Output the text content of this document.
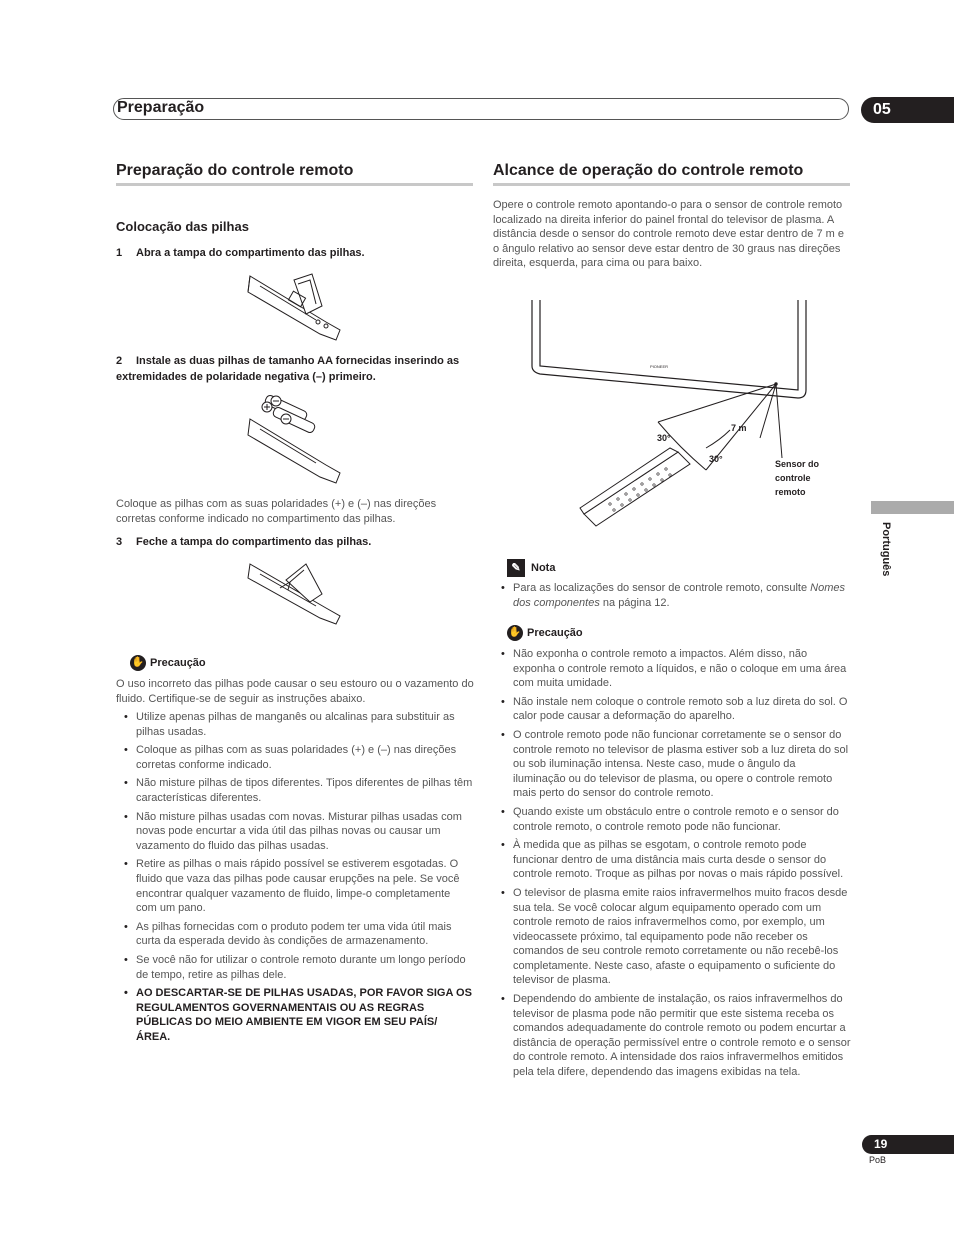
Preparação	05
Preparação do controle remoto
Colocação das pilhas
1 Abra a tampa do compartimento das pilhas.
2 Instale as duas pilhas de tamanho AA fornecidas inserindo as extremidades de polaridade negativa (–) primeiro.
Coloque as pilhas com as suas polaridades (+) e (–) nas direções corretas conforme indicado no compartimento das pilhas.
3 Feche a tampa do compartimento das pilhas.
✋ Precaução
O uso incorreto das pilhas pode causar o seu estouro ou o vazamento do fluido. Certifique-se de seguir as instruções abaixo.
• Utilize apenas pilhas de manganês ou alcalinas para substituir as pilhas usadas.
• Coloque as pilhas com as suas polaridades (+) e (–) nas direções corretas conforme indicado.
• Não misture pilhas de tipos diferentes. Tipos diferentes de pilhas têm características diferentes.
• Não misture pilhas usadas com novas. Misturar pilhas usadas com novas pode encurtar a vida útil das pilhas novas ou causar um vazamento do fluido das pilhas usadas.
• Retire as pilhas o mais rápido possível se estiverem esgotadas. O fluido que vaza das pilhas pode causar erupções na pele. Se você encontrar qualquer vazamento de fluido, limpe-o completamente com um pano.
• As pilhas fornecidas com o produto podem ter uma vida útil mais curta da esperada devido às condições de armazenamento.
• Se você não for utilizar o controle remoto durante um longo período de tempo, retire as pilhas dele.
• AO DESCARTAR-SE DE PILHAS USADAS, POR FAVOR SIGA OS REGULAMENTOS GOVERNAMENTAIS OU AS REGRAS PÚBLICAS DO MEIO AMBIENTE EM VIGOR EM SEU PAÍS/ ÁREA.
Alcance de operação do controle remoto
Opere o controle remoto apontando-o para o sensor de controle remoto localizado na direita inferior do painel frontal do televisor de plasma. A distância desde o sensor do controle remoto deve estar dentro de 7 m e o ângulo relativo ao sensor deve estar dentro de 30 graus nas direções direita, esquerda, para cima ou para baixo.
PIONEER
7 m
30°
30°	Sensor do
controle
remoto
✎ Nota
• Para as localizações do sensor de controle remoto, consulte Nomes dos componentes na página 12.
✋ Precaução
• Não exponha o controle remoto a impactos. Além disso, não exponha o controle remoto a líquidos, e não o coloque em uma área com muita umidade.
• Não instale nem coloque o controle remoto sob a luz direta do sol. O calor pode causar a deformação do aparelho.
• O controle remoto pode não funcionar corretamente se o sensor do controle remoto no televisor de plasma estiver sob a luz direta do sol ou sob iluminação intensa. Neste caso, mude o ângulo da iluminação ou do televisor de plasma, ou opere o controle remoto mais perto do sensor do controle remoto.
• Quando existe um obstáculo entre o controle remoto e o sensor do controle remoto, o controle remoto pode não funcionar.
• À medida que as pilhas se esgotam, o controle remoto pode funcionar dentro de uma distância mais curta desde o sensor do controle remoto. Troque as pilhas por novas o mais rápido possível.
• O televisor de plasma emite raios infravermelhos muito fracos desde sua tela. Se você colocar algum equipamento operado com um controle remoto de raios infravermelhos como, por exemplo, um videocassete próximo, tal equipamento pode não receber os comandos de seu controle remoto corretamente ou não recebê-los completamente. Neste caso, afaste o equipamento o suficiente do televisor de plasma.
• Dependendo do ambiente de instalação, os raios infravermelhos do televisor de plasma pode não permitir que este sistema receba os comandos adequadamente do controle remoto ou podem encurtar a distância de operação permissível entre o controle remoto e o sensor do controle remoto. A intensidade dos raios infravermelhos emitidos pela tela difere, dependendo das imagens exibidas na tela.
Português
19
PoB
